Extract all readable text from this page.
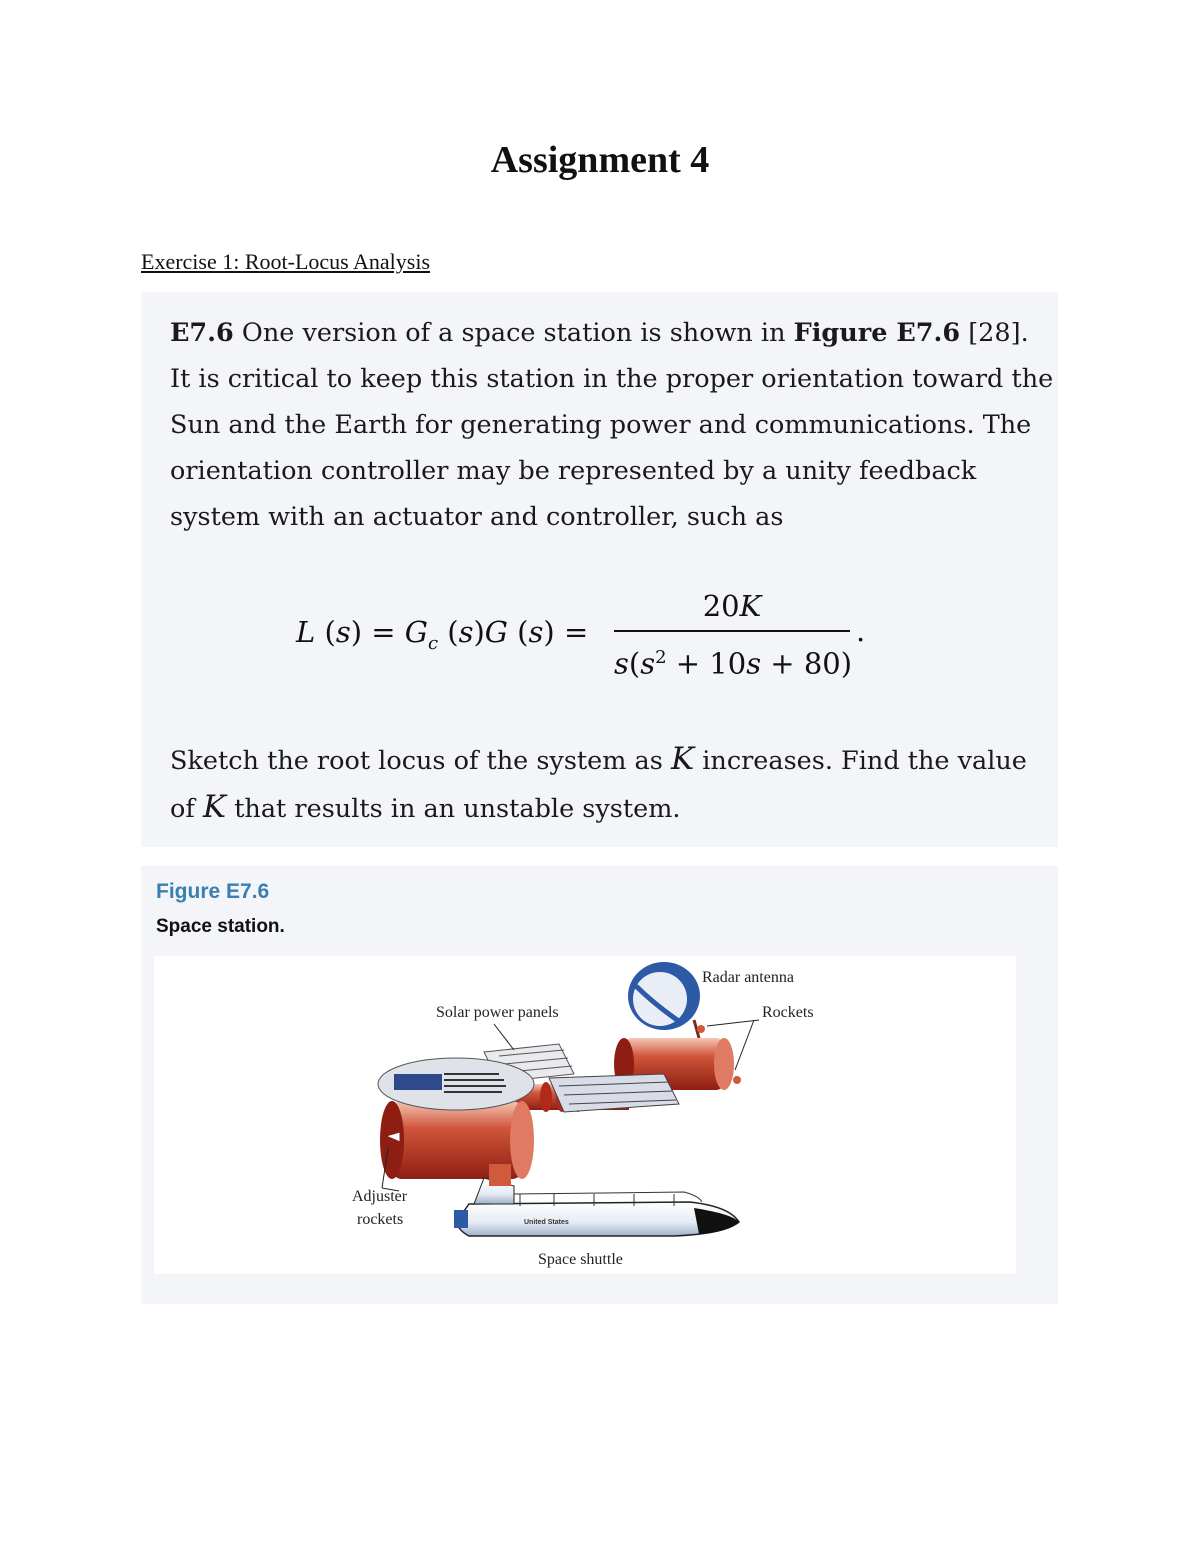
Assignment 4
Exercise 1: Root-Locus Analysis
E7.6 One version of a space station is shown in Figure E7.6 [28]. It is critical to keep this station in the proper orientation toward the Sun and the Earth for generating power and communications. The orientation controller may be represented by a unity feedback system with an actuator and controller, such as
L $(s) = G_c$ (s)G (s) =
20K
$s(s^2 + 10s + 80)$
.
Sketch the root locus of the system as K increases. Find the value of K that results in an unstable system.
Figure E7.6
Space station.
United States
Radar antenna
Rockets
Solar power panels
Adjuster
rockets
Space shuttle
